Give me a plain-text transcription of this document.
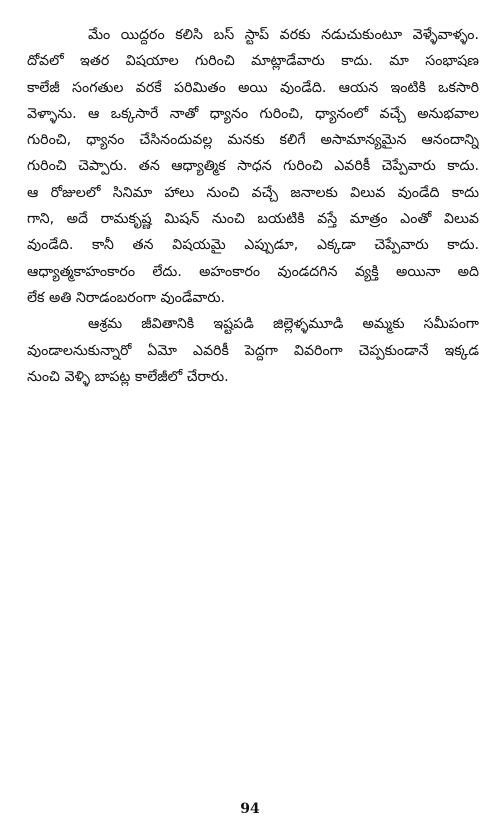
మేం యిద్దరం కలిసి బస్ స్టాప్ వరకు నడుచుకుంటూ వెళ్ళేవాళ్ళం.
దోవలో ఇతర విషయాల గురించి మాట్లాడేవారు కాదు. మా సంభాషణ
కాలేజీ సంగతుల వరకే పరిమితం అయి వుండేది. ఆయన ఇంటికి ఒకసారి
వెళ్ళాను. ఆ ఒక్కసారే నాతో ధ్యానం గురించి, ధ్యానంలో వచ్చే అనుభవాల
గురించి, ధ్యానం చేసినందువల్ల మనకు కలిగే అసామాన్యమైన ఆనందాన్ని
గురించి చెప్పారు. తన ఆధ్యాత్మిక సాధన గురించి ఎవరికీ చెప్పేవారు కాదు.
ఆ రోజులలో సినిమా హాలు నుంచి వచ్చే జనాలకు విలువ వుండేది కాదు
గాని, అదే రామకృష్ణ మిషన్ నుంచి బయటికి వస్తే మాత్రం ఎంతో విలువ
వుండేది. కానీ తన విషయమై ఎప్పుడూ, ఎక్కడా చెప్పేవారు కాదు.
ఆధ్యాత్మకాహంకారం లేదు. అహంకారం వుండదగిన వ్యక్తి అయినా అది
లేక అతి నిరాడంబరంగా వుండేవారు.
ఆశ్రమ జీవితానికి ఇష్టపడి జిల్లెళ్ళమూడి అమ్మకు సమీపంగా
వుండాలనుకున్నారో ఏమో ఎవరికీ పెద్దగా వివరింగా చెప్పకుండానే ఇక్కడ
నుంచి వెళ్ళి బాపట్ల కాలేజీలో చేరారు.
94
